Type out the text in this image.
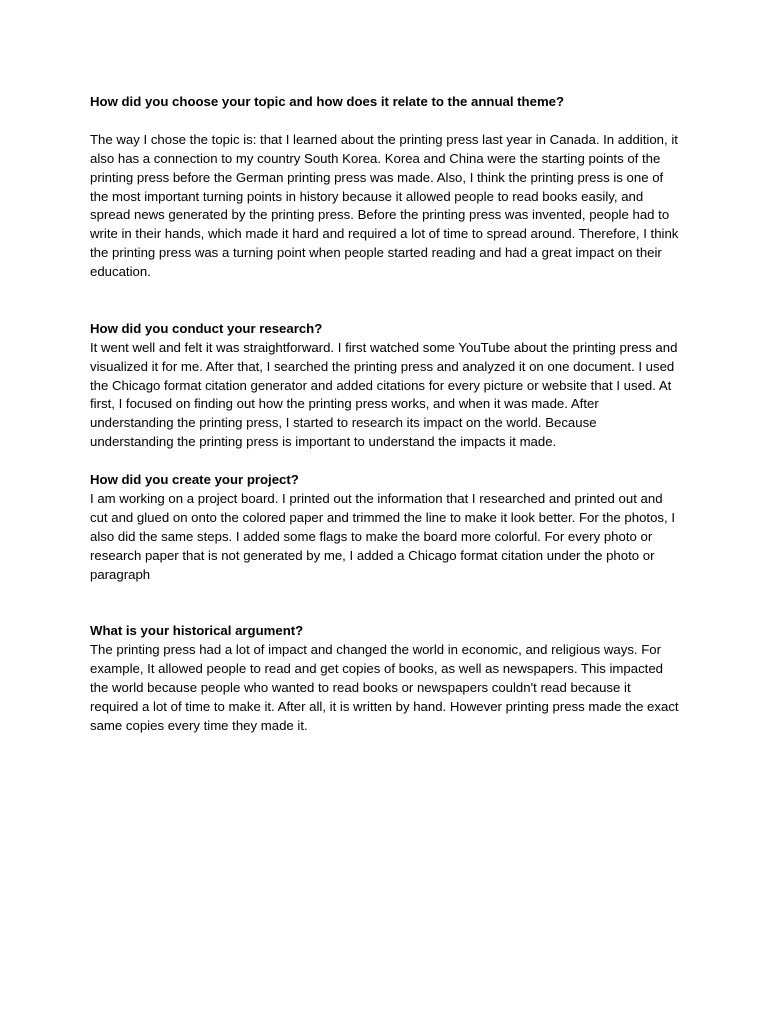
How did you choose your topic and how does it relate to the annual theme?

The way I chose the topic is: that I learned about the printing press last year in Canada. In addition, it also has a connection to my country South Korea. Korea and China were the starting points of the printing press before the German printing press was made. Also, I think the printing press is one of the most important turning points in history because it allowed people to read books easily, and spread news generated by the printing press. Before the printing press was invented, people had to write in their hands, which made it hard and required a lot of time to spread around. Therefore, I think the printing press was a turning point when people started reading and had a great impact on their education.

How did you conduct your research?

It went well and felt it was straightforward. I first watched some YouTube about the printing press and visualized it for me. After that, I searched the printing press and analyzed it on one document. I used the Chicago format citation generator and added citations for every picture or website that I used. At first, I focused on finding out how the printing press works, and when it was made. After understanding the printing press, I started to research its impact on the world. Because understanding the printing press is important to understand the impacts it made.

How did you create your project?

I am working on a project board. I printed out the information that I researched and printed out and cut and glued on onto the colored paper and trimmed the line to make it look better. For the photos, I also did the same steps. I added some flags to make the board more colorful. For every photo or research paper that is not generated by me, I added a Chicago format citation under the photo or paragraph

What is your historical argument?

The printing press had a lot of impact and changed the world in economic, and religious ways. For example, It allowed people to read and get copies of books, as well as newspapers. This impacted the world because people who wanted to read books or newspapers couldn't read because it required a lot of time to make it. After all, it is written by hand. However printing press made the exact same copies every time they made it.
